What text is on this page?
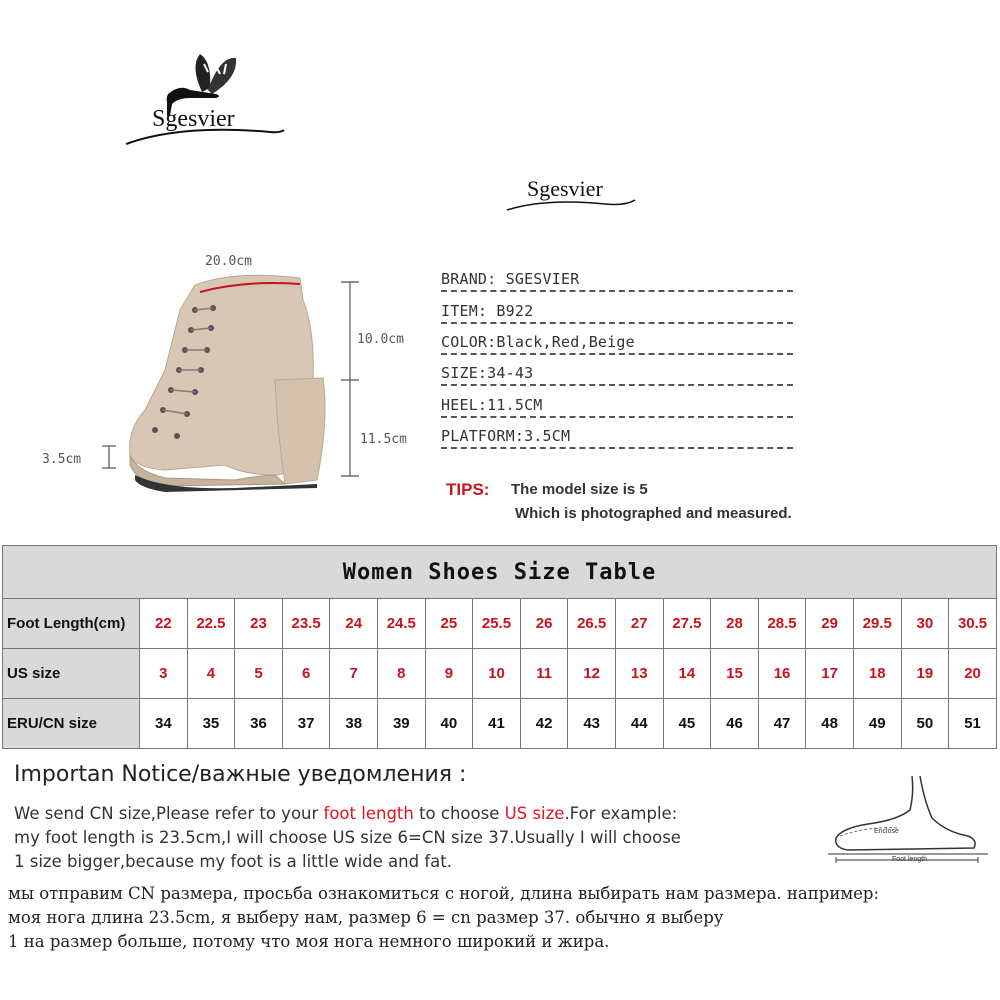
Sgesvier
Sgesvier
20.0cm
10.0cm
11.5cm
3.5cm
BRAND: SGESVIER
ITEM: B922
COLOR:Black,Red,Beige
SIZE:34-43
HEEL:11.5CM
PLATFORM:3.5CM
TIPS: The model size is 5
Which is photographed and measured.
Women Shoes Size Table																		
Foot Length(cm)	22	22.5	23	23.5	24	24.5	25	25.5	26	26.5	27	27.5	28	28.5	29	29.5	30	30.5
US size	3	4	5	6	7	8	9	10	11	12	13	14	15	16	17	18	19	20
ERU/CN size	34	35	36	37	38	39	40	41	42	43	44	45	46	47	48	49	50	51
Importan Notice/важные уведомления :
We send CN size,Please refer to your foot length to choose US size.For example:
my foot length is 23.5cm,I will choose US size 6=CN size 37.Usually I will choose
1 size bigger,because my foot is a little wide and fat.
мы отправим CN размера, просьба ознакомиться с ногой, длина выбирать нам размера. например:
моя нога длина 23.5cm, я выберу нам, размер 6 = cn размер 37. обычно я выберу
1 на размер больше, потому что моя нога немного широкий и жира.
Enclose
Foot length
